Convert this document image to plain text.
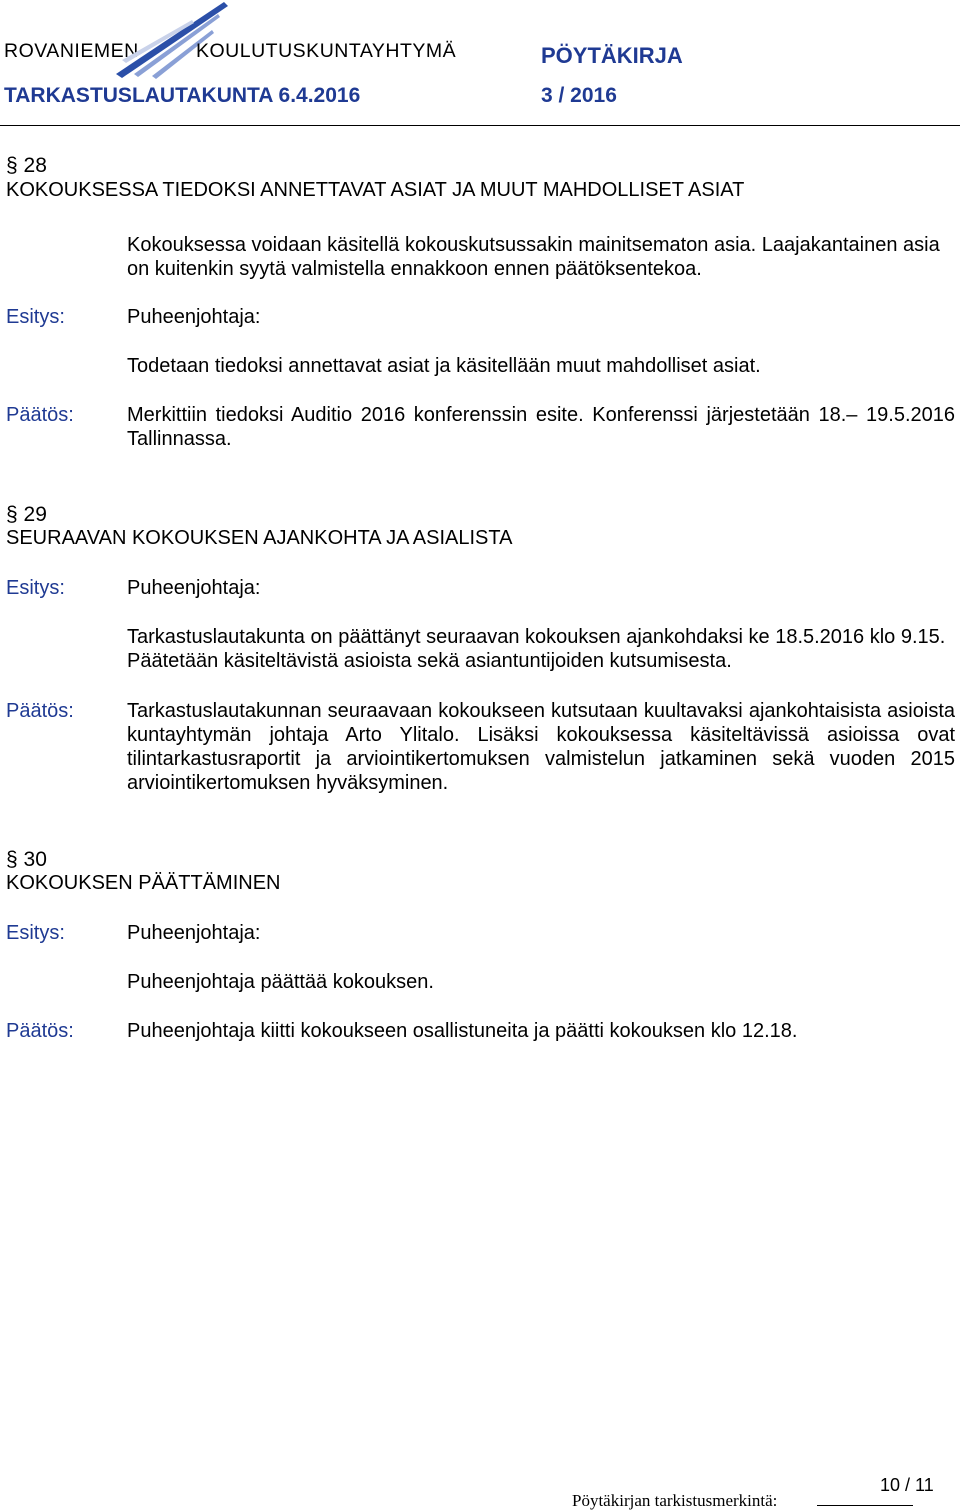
ROVANIEMEN	KOULUTUSKUNTAYHTYMÄ	PÖYTÄKIRJA
TARKASTUSLAUTAKUNTA 6.4.2016	3 / 2016
§ 28
KOKOUKSESSA TIEDOKSI ANNETTAVAT ASIAT JA MUUT MAHDOLLISET ASIAT
Kokouksessa voidaan käsitellä kokouskutsussakin mainitsematon asia. Laajakantainen asia on kuitenkin syytä valmistella ennakkoon ennen päätöksentekoa.
Esitys:	Puheenjohtaja:
Todetaan tiedoksi annettavat asiat ja käsitellään muut mahdolliset asiat.
Päätös:	Merkittiin tiedoksi Auditio 2016 konferenssin esite. Konferenssi järjestetään 18.– 19.5.2016 Tallinnassa.
§ 29
SEURAAVAN KOKOUKSEN AJANKOHTA JA ASIALISTA
Esitys:	Puheenjohtaja:
Tarkastuslautakunta on päättänyt seuraavan kokouksen ajankohdaksi ke 18.5.2016 klo 9.15. Päätetään käsiteltävistä asioista sekä asiantuntijoiden kutsumisesta.
Päätös:	Tarkastuslautakunnan seuraavaan kokoukseen kutsutaan kuultavaksi ajankohtaisista asioista kuntayhtymän johtaja Arto Ylitalo. Lisäksi kokouksessa käsiteltävissä asioissa ovat tilintarkastusraportit ja arviointikertomuksen valmistelun jatkaminen sekä vuoden 2015 arviointikertomuksen hyväksyminen.
§ 30
KOKOUKSEN PÄÄTTÄMINEN
Esitys:	Puheenjohtaja:
Puheenjohtaja päättää kokouksen.
Päätös:	Puheenjohtaja kiitti kokoukseen osallistuneita ja päätti kokouksen klo 12.18.
10 / 11
Pöytäkirjan tarkistusmerkintä:
